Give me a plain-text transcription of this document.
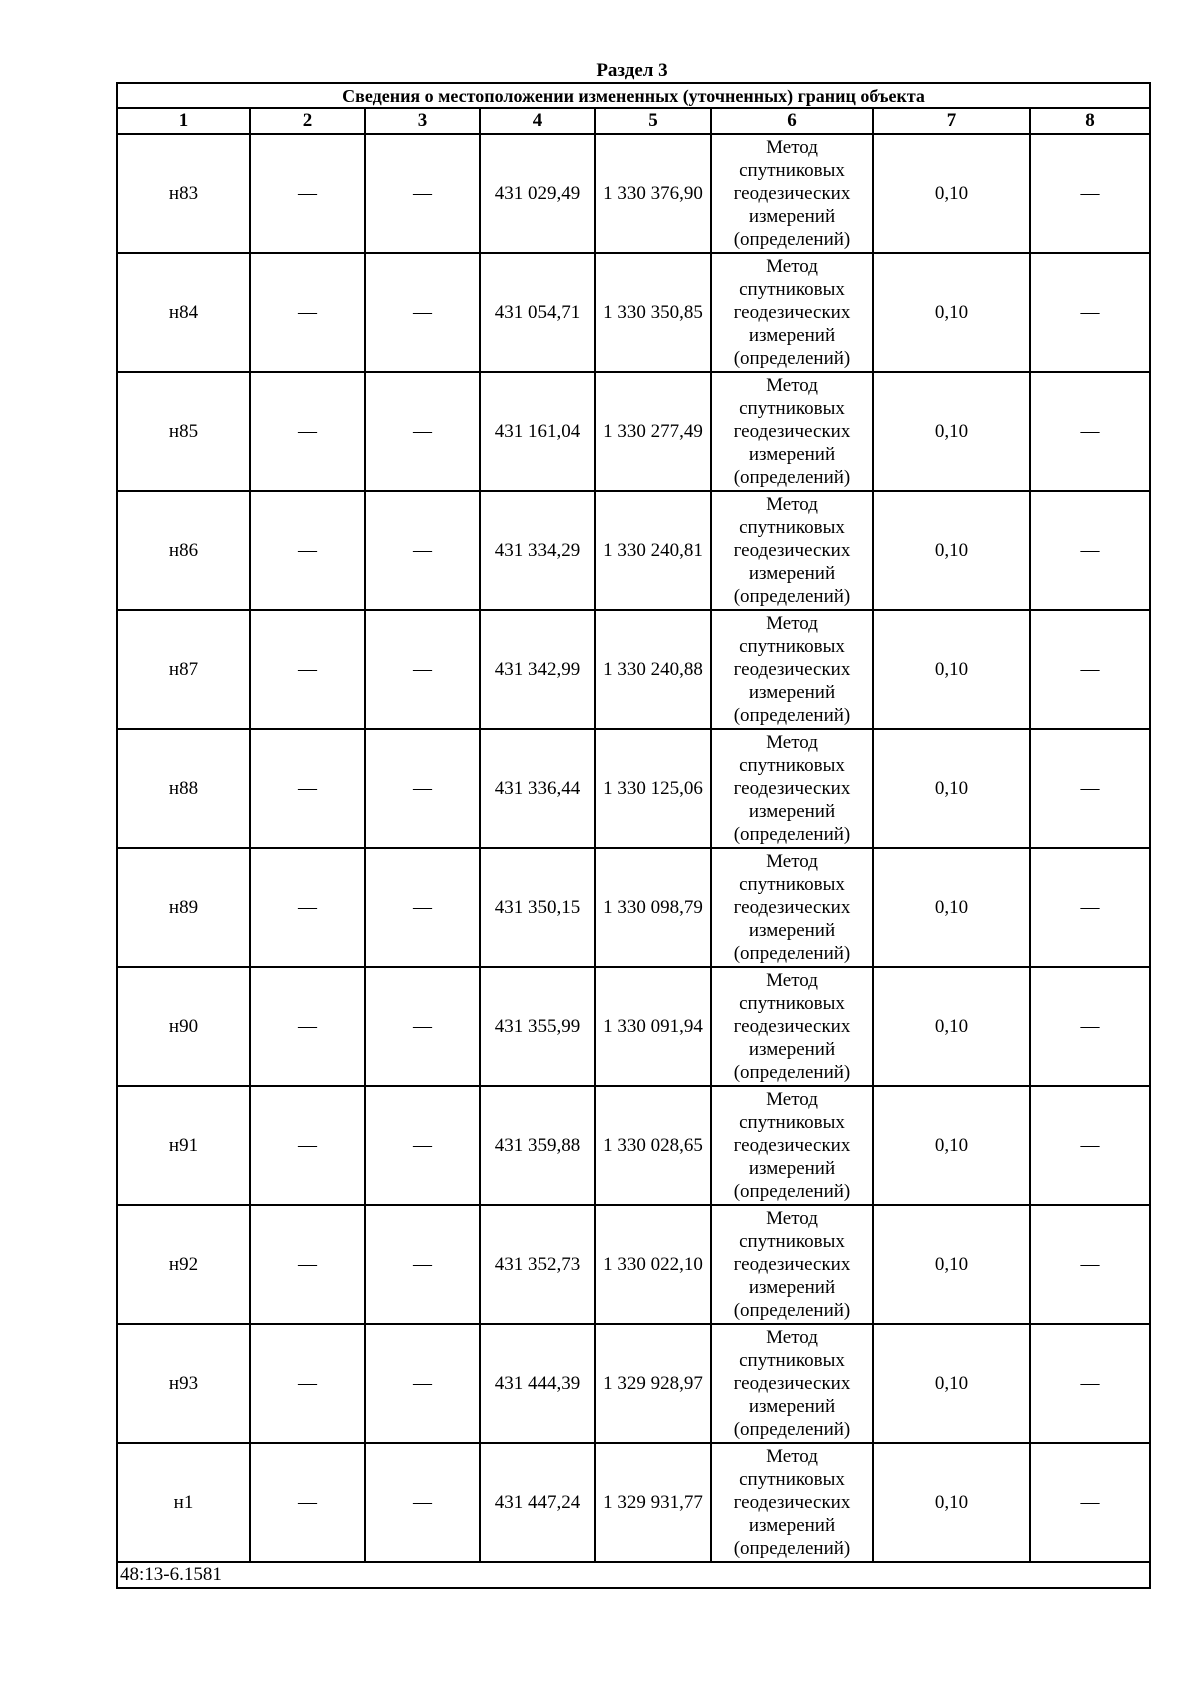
Раздел 3
Сведения о местоположении измененных (уточненных) границ объекта							
1	2	3	4	5	6	7	8
н83	—	—	431 029,49	1 330 376,90	Метод
спутниковых
геодезических
измерений
(определений)	0,10	—
н84	—	—	431 054,71	1 330 350,85	Метод
спутниковых
геодезических
измерений
(определений)	0,10	—
н85	—	—	431 161,04	1 330 277,49	Метод
спутниковых
геодезических
измерений
(определений)	0,10	—
н86	—	—	431 334,29	1 330 240,81	Метод
спутниковых
геодезических
измерений
(определений)	0,10	—
н87	—	—	431 342,99	1 330 240,88	Метод
спутниковых
геодезических
измерений
(определений)	0,10	—
н88	—	—	431 336,44	1 330 125,06	Метод
спутниковых
геодезических
измерений
(определений)	0,10	—
н89	—	—	431 350,15	1 330 098,79	Метод
спутниковых
геодезических
измерений
(определений)	0,10	—
н90	—	—	431 355,99	1 330 091,94	Метод
спутниковых
геодезических
измерений
(определений)	0,10	—
н91	—	—	431 359,88	1 330 028,65	Метод
спутниковых
геодезических
измерений
(определений)	0,10	—
н92	—	—	431 352,73	1 330 022,10	Метод
спутниковых
геодезических
измерений
(определений)	0,10	—
н93	—	—	431 444,39	1 329 928,97	Метод
спутниковых
геодезических
измерений
(определений)	0,10	—
н1	—	—	431 447,24	1 329 931,77	Метод
спутниковых
геодезических
измерений
(определений)	0,10	—
48:13-6.1581							
